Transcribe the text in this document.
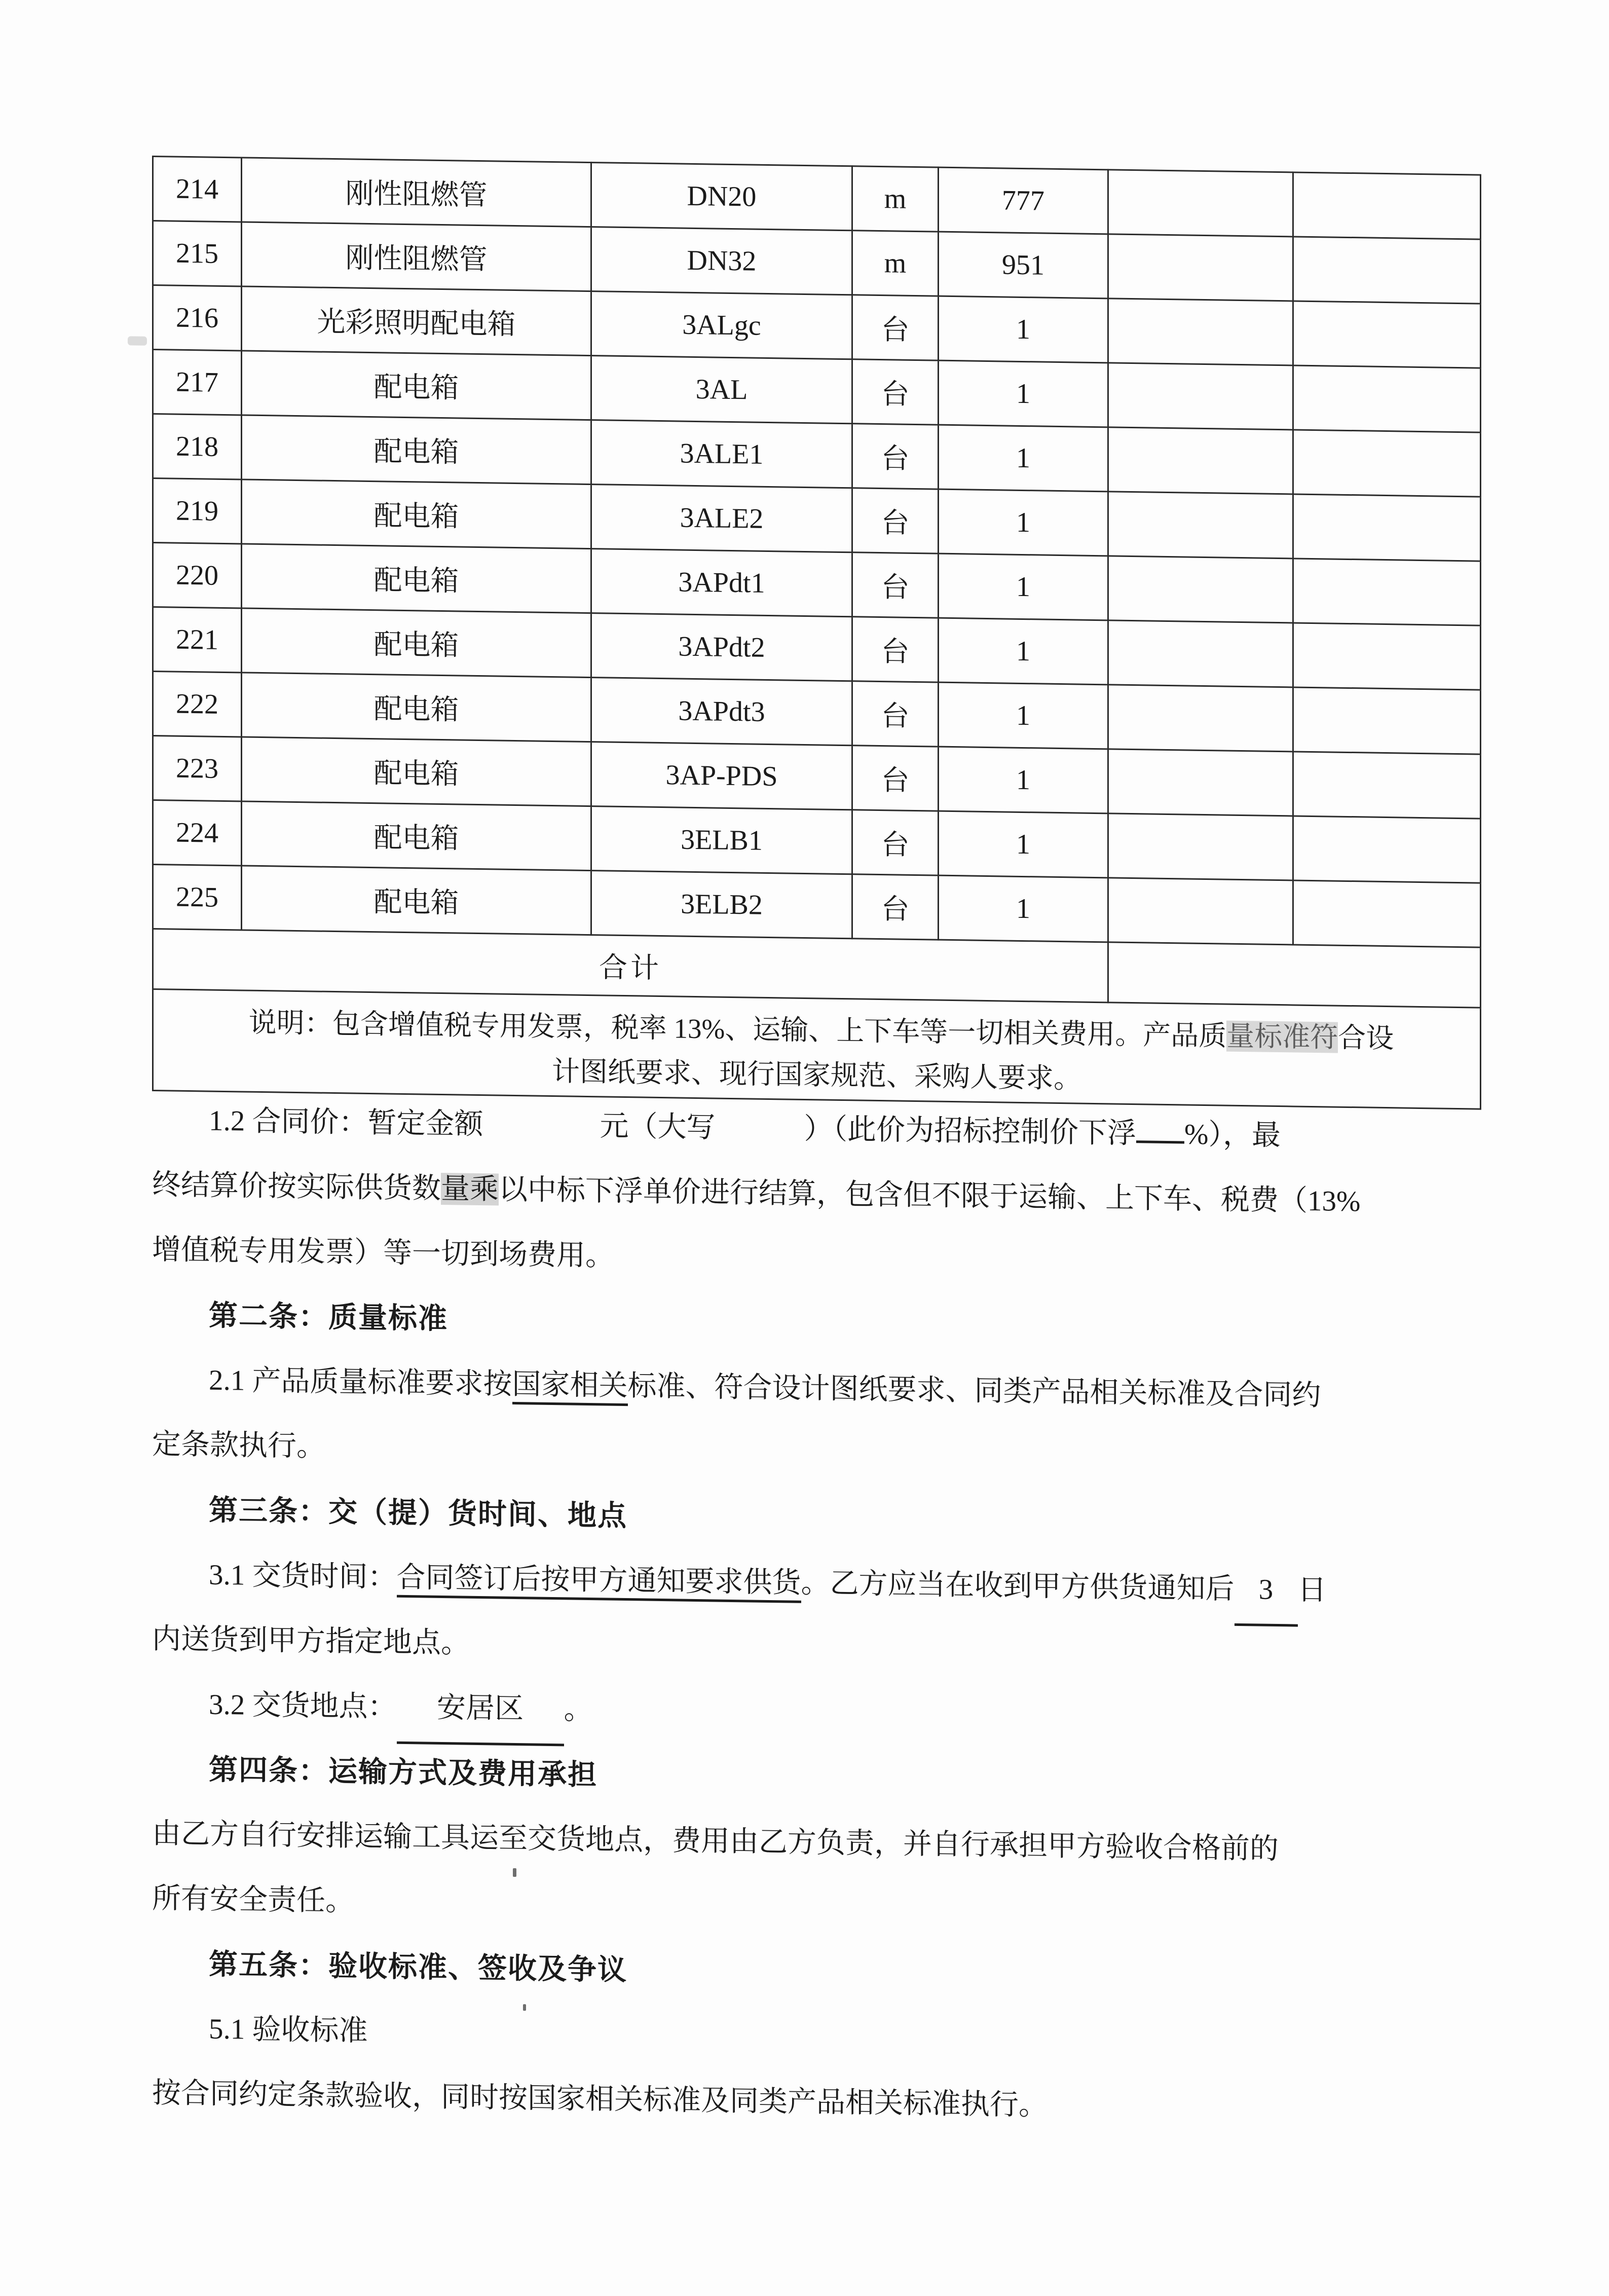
214	刚性阻燃管	DN20	m	777		
215	刚性阻燃管	DN32	m	951		
216	光彩照明配电箱	3ALgc	台	1		
217	配电箱	3AL	台	1		
218	配电箱	3ALE1	台	1		
219	配电箱	3ALE2	台	1		
220	配电箱	3APdt1	台	1		
221	配电箱	3APdt2	台	1		
222	配电箱	3APdt3	台	1		
223	配电箱	3AP-PDS	台	1		
224	配电箱	3ELB1	台	1		
225	配电箱	3ELB2	台	1		
合计						

说明：包含增值税专用发票，税率 13%、运输、上下车等一切相关费用。产品质量标准符合设
计图纸要求、现行国家规范、采购人要求。						
1.2 合同价：暂定金额	元（大写	）（此价为招标控制价下浮 %），最
终结算价按实际供货数量乘以中标下浮单价进行结算，包含但不限于运输、上下车、税费（13%
增值税专用发票）等一切到场费用。
第二条：质量标准
2.1 产品质量标准要求按国家相关标准、符合设计图纸要求、同类产品相关标准及合同约
定条款执行。
第三条：交（提）货时间、地点
3.1 交货时间：合同签订后按甲方通知要求供货。乙方应当在收到甲方供货通知后 3 日
内送货到甲方指定地点。
3.2 交货地点： 安居区 。
第四条：运输方式及费用承担
由乙方自行安排运输工具运至交货地点，费用由乙方负责，并自行承担甲方验收合格前的
所有安全责任。
第五条：验收标准、签收及争议
5.1 验收标准
按合同约定条款验收，同时按国家相关标准及同类产品相关标准执行。
